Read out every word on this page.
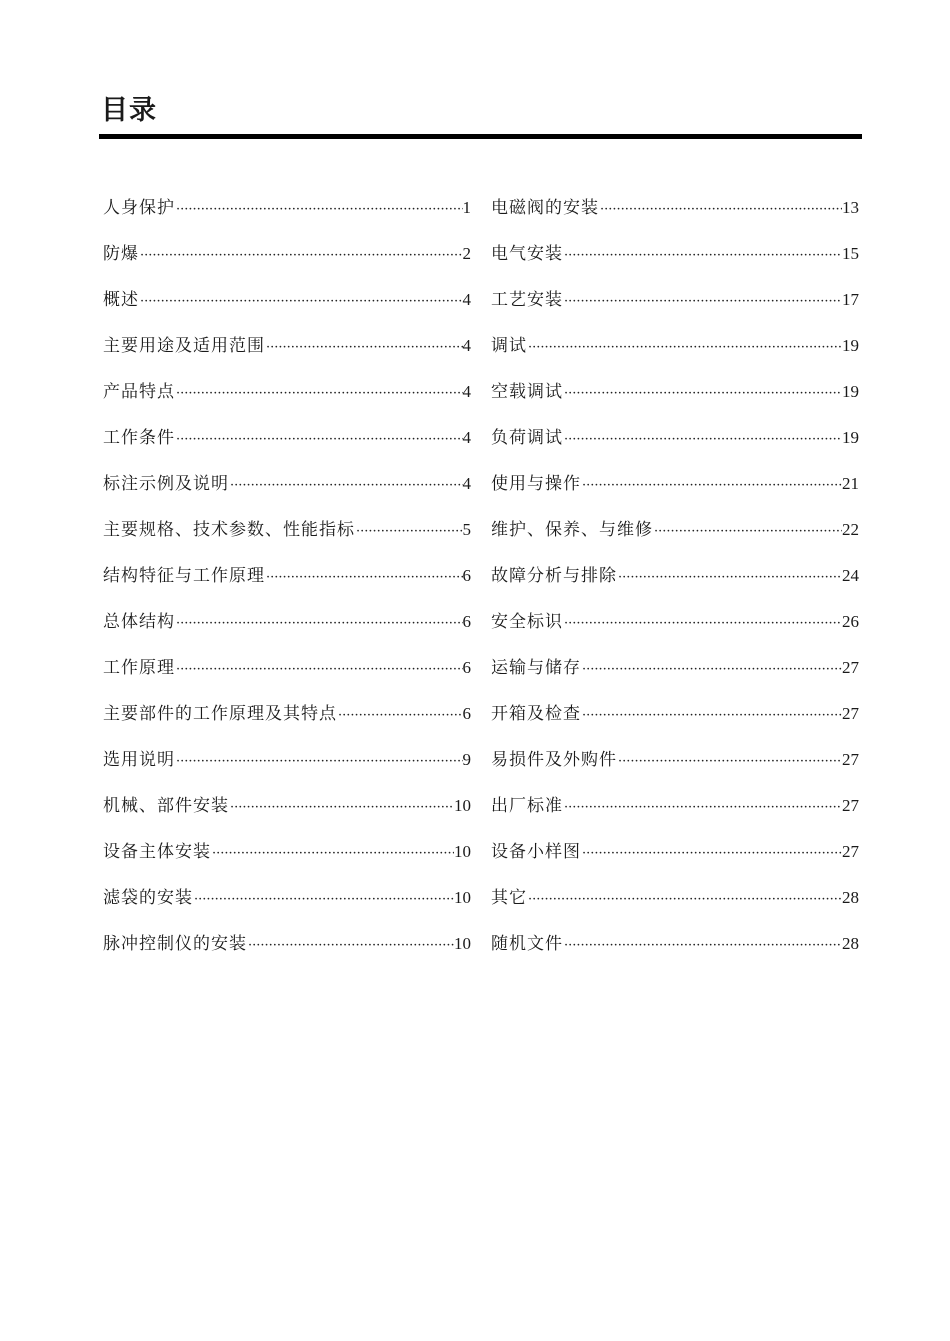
目录
人身保护 ·····	1
防爆 ·····	2
概述 ·····	4
主要用途及适用范围 ·····	4
产品特点 ·····	4
工作条件 ·····	4
标注示例及说明 ·····	4
主要规格、技术参数、性能指标 ·····	5
结构特征与工作原理 ·····	6
总体结构 ·····	6
工作原理 ·····	6
主要部件的工作原理及其特点 ·····	6
选用说明 ·····	9
机械、部件安装 ·····	10
设备主体安装 ·····	10
滤袋的安装 ·····	10
脉冲控制仪的安装 ·····	10
电磁阀的安装 ·····	13
电气安装 ·····	15
工艺安装 ·····	17
调试 ·····	19
空载调试 ·····	19
负荷调试 ·····	19
使用与操作 ·····	21
维护、保养、与维修 ·····	22
故障分析与排除 ·····	24
安全标识 ·····	26
运输与储存 ·····	27
开箱及检查 ·····	27
易损件及外购件 ·····	27
出厂标准 ·····	27
设备小样图 ·····	27
其它 ·····	28
随机文件 ·····	28
